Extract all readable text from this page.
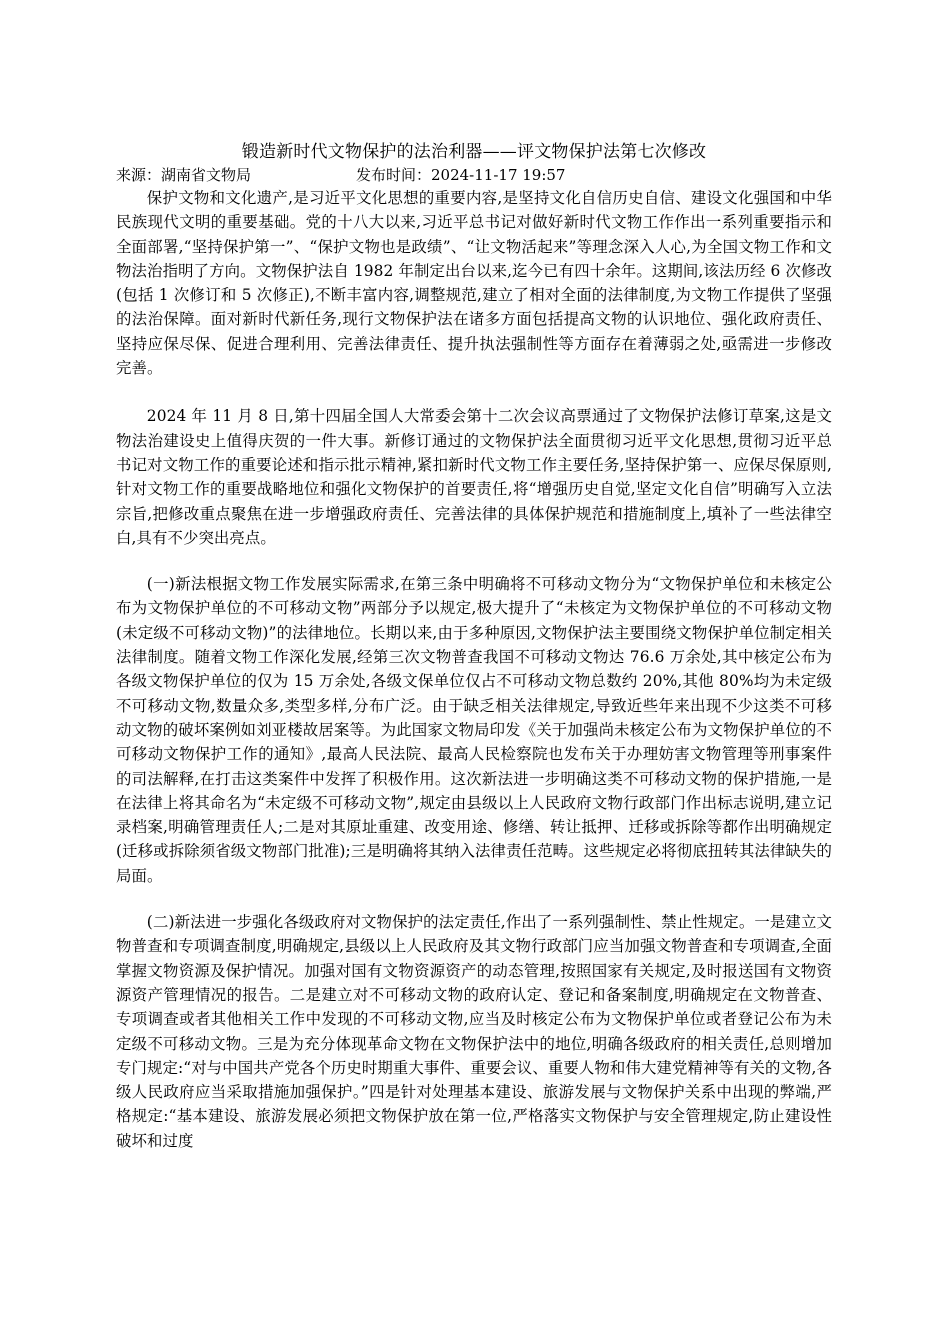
锻造新时代文物保护的法治利器——评文物保护法第七次修改
来源：湖南省文物局	发布时间：2024-11-17 19:57

保护文物和文化遗产,是习近平文化思想的重要内容,是坚持文化自信历史自信、建设文化强国和中华民族现代文明的重要基础。党的十八大以来,习近平总书记对做好新时代文物工作作出一系列重要指示和全面部署,“坚持保护第一”、“保护文物也是政绩”、“让文物活起来”等理念深入人心,为全国文物工作和文物法治指明了方向。文物保护法自 1982 年制定出台以来,迄今已有四十余年。这期间,该法历经 6 次修改(包括 1 次修订和 5 次修正),不断丰富内容,调整规范,建立了相对全面的法律制度,为文物工作提供了坚强的法治保障。面对新时代新任务,现行文物保护法在诸多方面包括提高文物的认识地位、强化政府责任、坚持应保尽保、促进合理利用、完善法律责任、提升执法强制性等方面存在着薄弱之处,亟需进一步修改完善。

2024 年 11 月 8 日,第十四届全国人大常委会第十二次会议高票通过了文物保护法修订草案,这是文物法治建设史上值得庆贺的一件大事。新修订通过的文物保护法全面贯彻习近平文化思想,贯彻习近平总书记对文物工作的重要论述和指示批示精神,紧扣新时代文物工作主要任务,坚持保护第一、应保尽保原则,针对文物工作的重要战略地位和强化文物保护的首要责任,将“增强历史自觉,坚定文化自信”明确写入立法宗旨,把修改重点聚焦在进一步增强政府责任、完善法律的具体保护规范和措施制度上,填补了一些法律空白,具有不少突出亮点。

(一)新法根据文物工作发展实际需求,在第三条中明确将不可移动文物分为“文物保护单位和未核定公布为文物保护单位的不可移动文物”两部分予以规定,极大提升了“未核定为文物保护单位的不可移动文物(未定级不可移动文物)”的法律地位。长期以来,由于多种原因,文物保护法主要围绕文物保护单位制定相关法律制度。随着文物工作深化发展,经第三次文物普查我国不可移动文物达 76.6 万余处,其中核定公布为各级文物保护单位的仅为 15 万余处,各级文保单位仅占不可移动文物总数约 20%,其他 80%均为未定级不可移动文物,数量众多,类型多样,分布广泛。由于缺乏相关法律规定,导致近些年来出现不少这类不可移动文物的破坏案例如刘亚楼故居案等。为此国家文物局印发《关于加强尚未核定公布为文物保护单位的不可移动文物保护工作的通知》,最高人民法院、最高人民检察院也发布关于办理妨害文物管理等刑事案件的司法解释,在打击这类案件中发挥了积极作用。这次新法进一步明确这类不可移动文物的保护措施,一是在法律上将其命名为“未定级不可移动文物”,规定由县级以上人民政府文物行政部门作出标志说明,建立记录档案,明确管理责任人;二是对其原址重建、改变用途、修缮、转让抵押、迁移或拆除等都作出明确规定(迁移或拆除须省级文物部门批准);三是明确将其纳入法律责任范畴。这些规定必将彻底扭转其法律缺失的局面。

(二)新法进一步强化各级政府对文物保护的法定责任,作出了一系列强制性、禁止性规定。一是建立文物普查和专项调查制度,明确规定,县级以上人民政府及其文物行政部门应当加强文物普查和专项调查,全面掌握文物资源及保护情况。加强对国有文物资源资产的动态管理,按照国家有关规定,及时报送国有文物资源资产管理情况的报告。二是建立对不可移动文物的政府认定、登记和备案制度,明确规定在文物普查、专项调查或者其他相关工作中发现的不可移动文物,应当及时核定公布为文物保护单位或者登记公布为未定级不可移动文物。三是为充分体现革命文物在文物保护法中的地位,明确各级政府的相关责任,总则增加专门规定:“对与中国共产党各个历史时期重大事件、重要会议、重要人物和伟大建党精神等有关的文物,各级人民政府应当采取措施加强保护。”四是针对处理基本建设、旅游发展与文物保护关系中出现的弊端,严格规定:“基本建设、旅游发展必须把文物保护放在第一位,严格落实文物保护与安全管理规定,防止建设性破坏和过度
